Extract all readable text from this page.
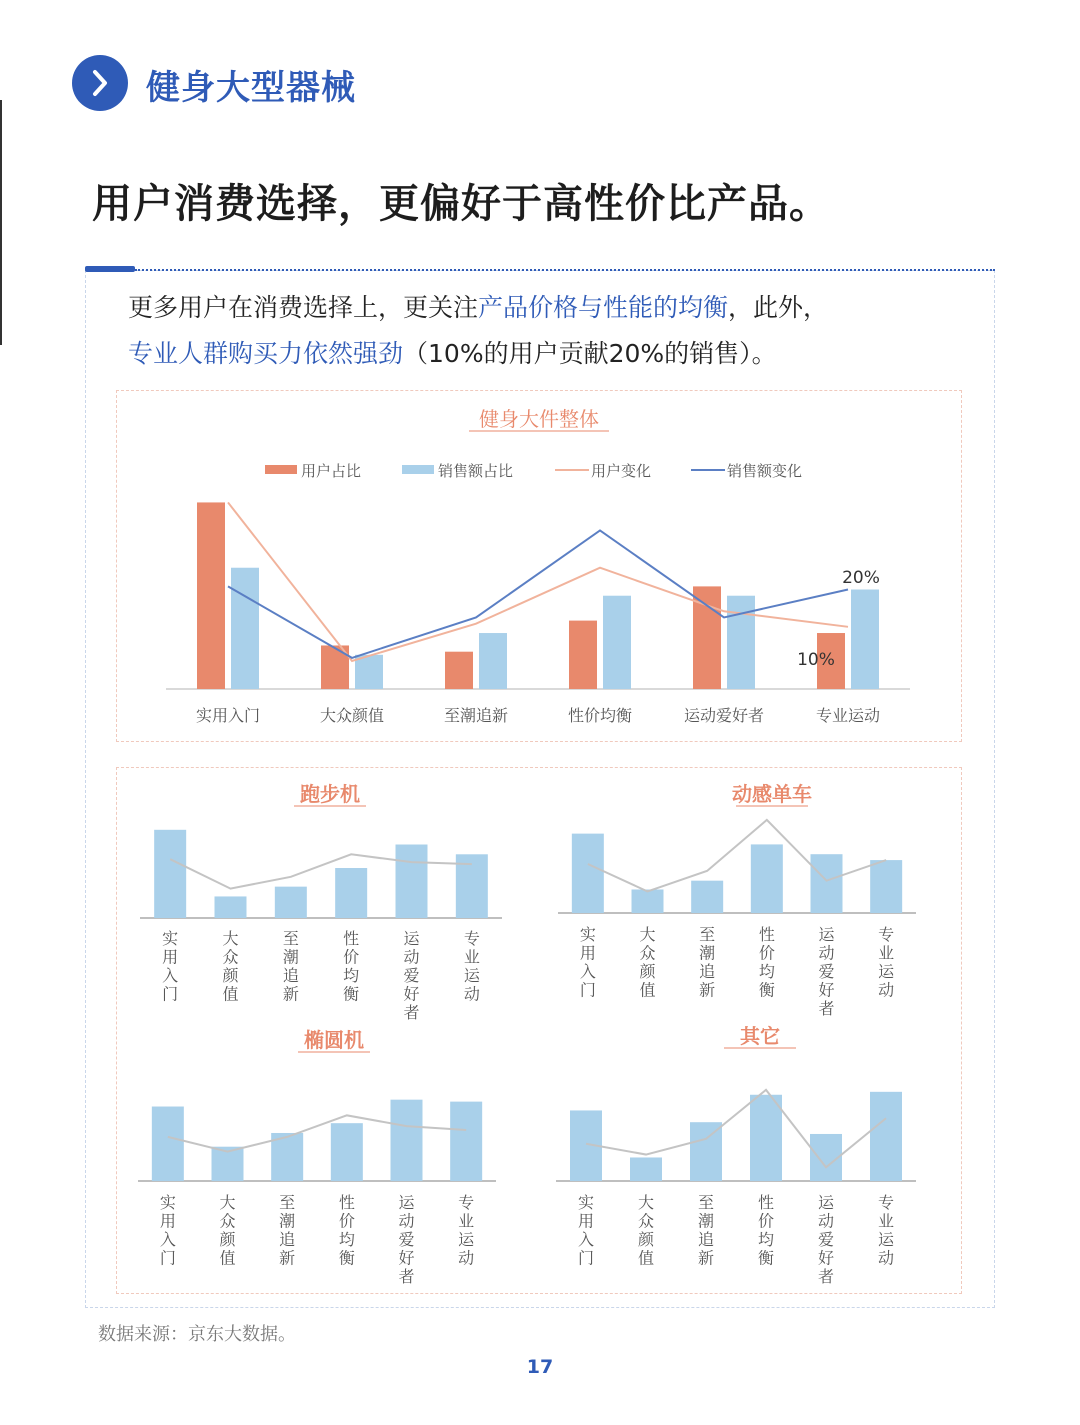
健身大型器械
用户消费选择，更偏好于高性价比产品。
更多用户在消费选择上，更关注产品价格与性能的均衡，此外，
专业人群购买力依然强劲（10%的用户贡献20%的销售）。
健身大件整体
用户占比	销售额占比	用户变化	销售额变化
实用入门	大众颜值	至潮追新	性价均衡	运动爱好者	专业运动
20%
10%
跑步机
实用入门
大众颜值
至潮追新
性价均衡
运动爱好者
专业运动
动感单车
实用入门
大众颜值
至潮追新
性价均衡
运动爱好者
专业运动
椭圆机
实用入门
大众颜值
至潮追新
性价均衡
运动爱好者
专业运动
其它
实用入门
大众颜值
至潮追新
性价均衡
运动爱好者
专业运动
数据来源：京东大数据。
17
